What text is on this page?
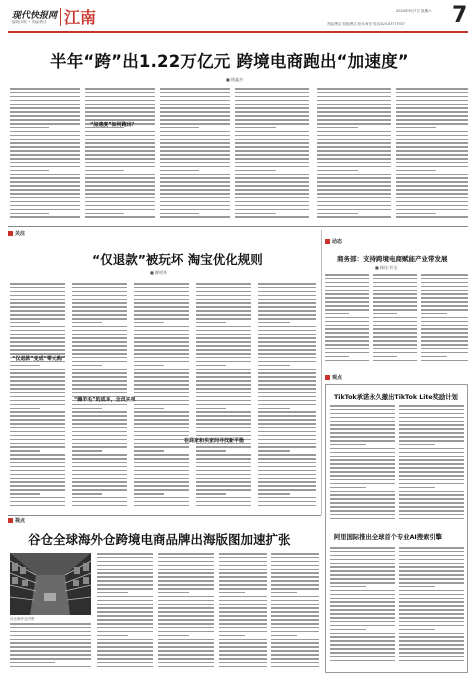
现代快报网
编辑/刘钦 • 美编/曹洁 江南	2024年9月7日 星期六
责编/曹洁 组版/曹洁 校对/章莹 电话/025-83779337 7
半年“跨”出1.22万亿元 跨境电商跑出“加速度”
■ 顾鑫杰
“加速度”如何跑出？
关注
“仅退款”被玩坏 淘宝优化规则
■ 柳明华
“仅退款”变成“零元购”
“薅羊毛”的成本，全员买单
在商家和买家间寻找新平衡
动态
商务部：支持跨境电商赋能产业带发展
■ 顾佳·杜宝
观点
TikTok承诺永久撤出TikTok Lite奖励计划
阿里国际推出全球首个专业AI搜索引擎
视点
谷仓全球海外仓跨境电商品牌出海版图加速扩张
谷仓海外仓内景
